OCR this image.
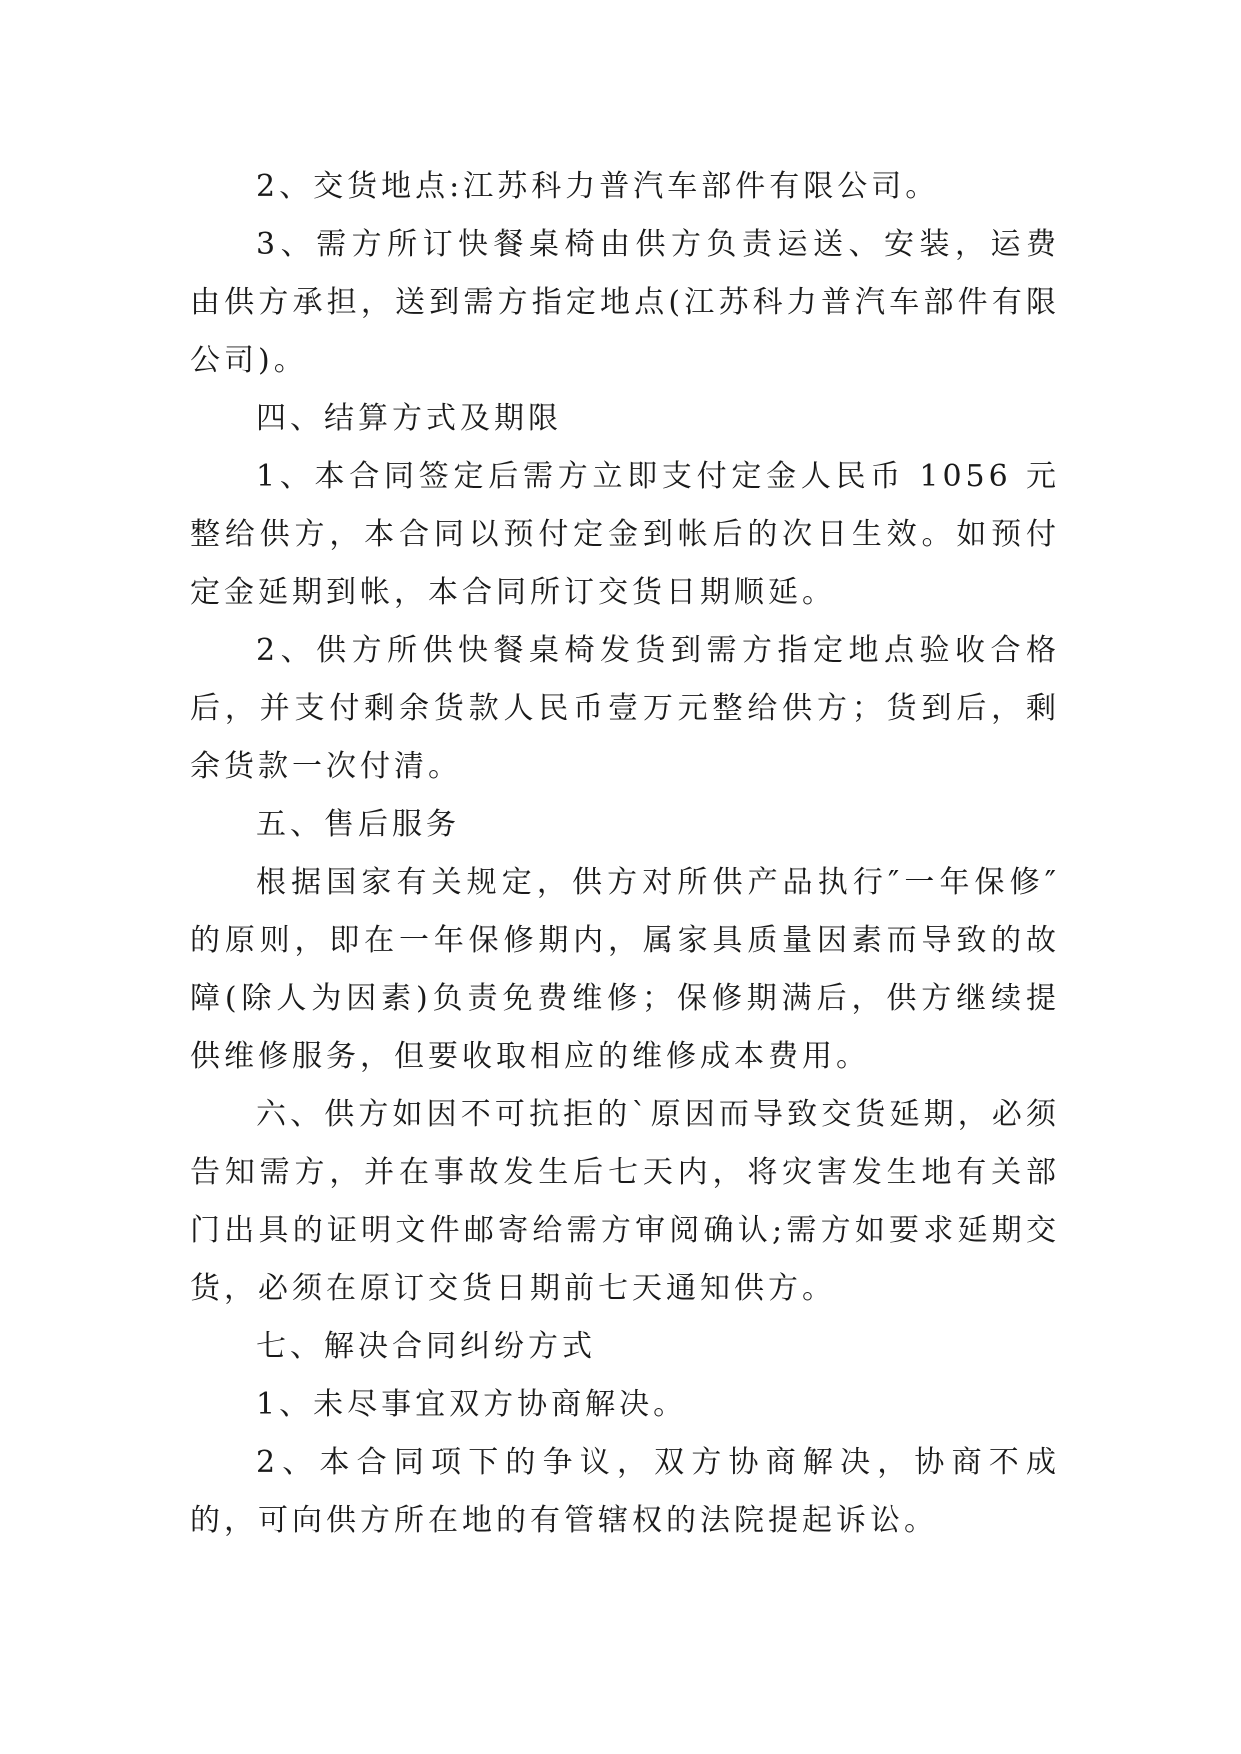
2、交货地点:江苏科力普汽车部件有限公司。

3、需方所订快餐桌椅由供方负责运送、安装，运费由供方承担，送到需方指定地点(江苏科力普汽车部件有限公司)。

四、结算方式及期限

1、本合同签定后需方立即支付定金人民币 1056 元整给供方，本合同以预付定金到帐后的次日生效。如预付定金延期到帐，本合同所订交货日期顺延。

2、供方所供快餐桌椅发货到需方指定地点验收合格后，并支付剩余货款人民币壹万元整给供方；货到后，剩余货款一次付清。

五、售后服务

根据国家有关规定，供方对所供产品执行″一年保修″的原则，即在一年保修期内，属家具质量因素而导致的故障(除人为因素)负责免费维修；保修期满后，供方继续提供维修服务，但要收取相应的维修成本费用。

六、供方如因不可抗拒的`原因而导致交货延期，必须告知需方，并在事故发生后七天内，将灾害发生地有关部门出具的证明文件邮寄给需方审阅确认;需方如要求延期交货，必须在原订交货日期前七天通知供方。

七、解决合同纠纷方式

1、未尽事宜双方协商解决。

2、本合同项下的争议，双方协商解决，协商不成的，可向供方所在地的有管辖权的法院提起诉讼。
